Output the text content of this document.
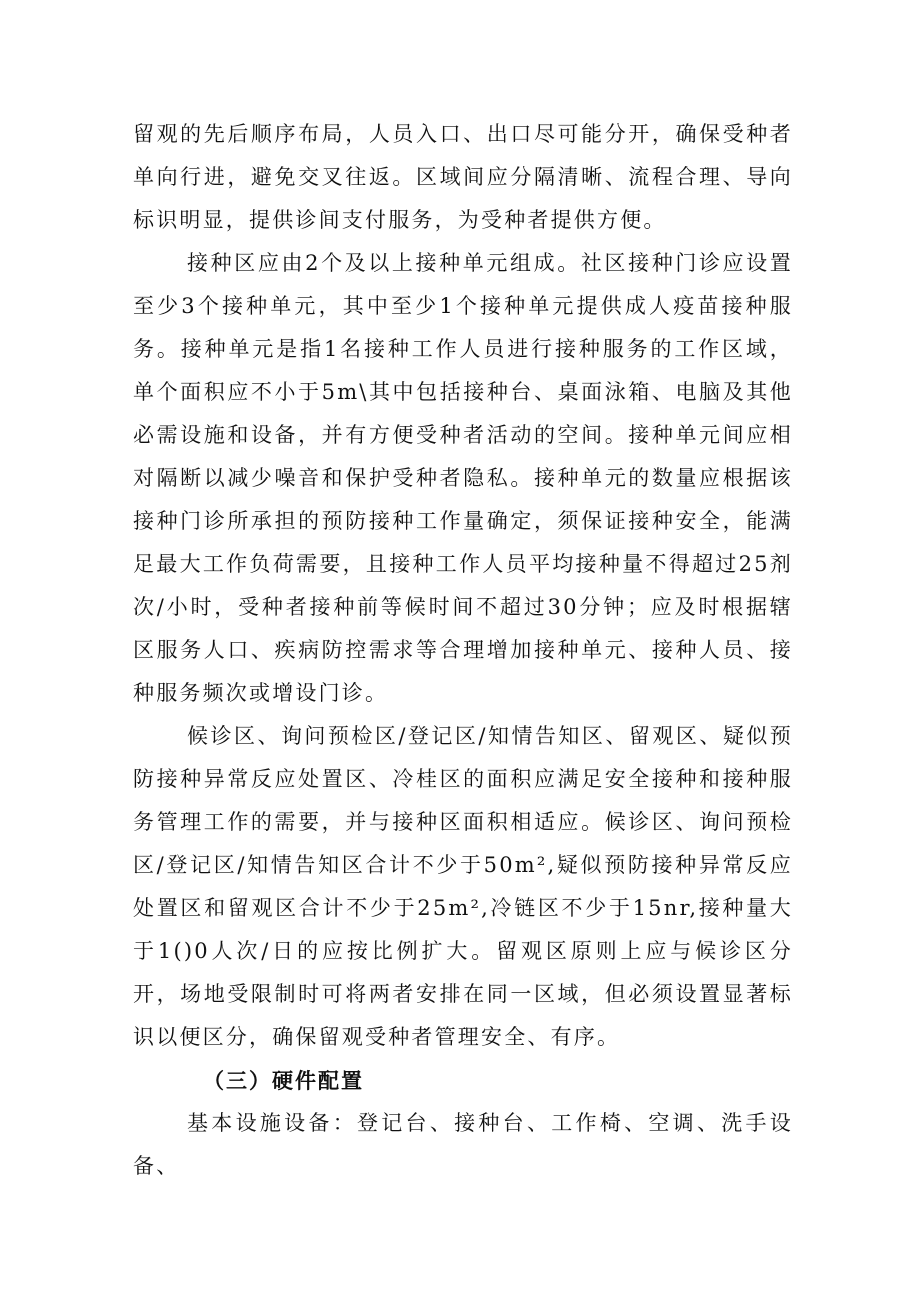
留观的先后顺序布局，人员入口、出口尽可能分开，确保受种者单向行进，避免交叉往返。区域间应分隔清晰、流程合理、导向标识明显，提供诊间支付服务，为受种者提供方便。

接种区应由2个及以上接种单元组成。社区接种门诊应设置至少3个接种单元，其中至少1个接种单元提供成人疫苗接种服务。接种单元是指1名接种工作人员进行接种服务的工作区域，单个面积应不小于5m\其中包括接种台、桌面泳箱、电脑及其他必需设施和设备，并有方便受种者活动的空间。接种单元间应相对隔断以减少噪音和保护受种者隐私。接种单元的数量应根据该接种门诊所承担的预防接种工作量确定，须保证接种安全，能满足最大工作负荷需要，且接种工作人员平均接种量不得超过25剂次/小时，受种者接种前等候时间不超过30分钟；应及时根据辖区服务人口、疾病防控需求等合理增加接种单元、接种人员、接种服务频次或增设门诊。

候诊区、询问预检区/登记区/知情告知区、留观区、疑似预防接种异常反应处置区、冷桂区的面积应满足安全接种和接种服务管理工作的需要，并与接种区面积相适应。候诊区、询问预检区/登记区/知情告知区合计不少于50m²,疑似预防接种异常反应处置区和留观区合计不少于25m²,冷链区不少于15nr,接种量大于1()0人次/日的应按比例扩大。留观区原则上应与候诊区分开，场地受限制时可将两者安排在同一区域，但必须设置显著标识以便区分，确保留观受种者管理安全、有序。

（三）硬件配置

基本设施设备：登记台、接种台、工作椅、空调、洗手设备、
